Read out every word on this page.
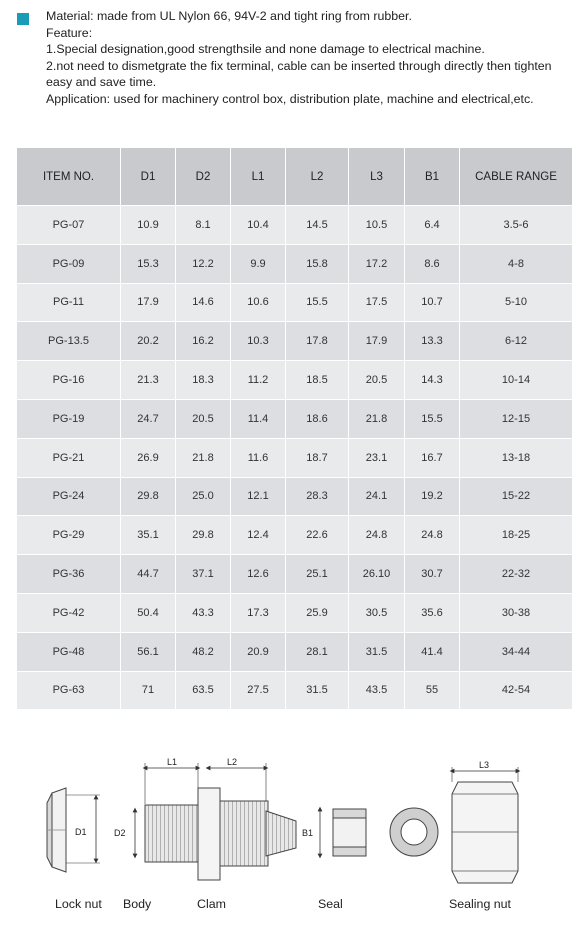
Material: made from UL Nylon 66, 94V-2 and tight ring from rubber.

Feature:

1.Special designation,good strengthsile and none damage to electrical machine.

2.not need to dismetgrate the fix terminal, cable can be inserted through directly then tighten easy and save time.

Application: used for machinery control box, distribution plate, machine and electrical,etc.

ITEM NO.	D1	D2	L1	L2	L3	B1	CABLE RANGE
PG-07	10.9	8.1	10.4	14.5	10.5	6.4	3.5-6
PG-09	15.3	12.2	9.9	15.8	17.2	8.6	4-8
PG-11	17.9	14.6	10.6	15.5	17.5	10.7	5-10
PG-13.5	20.2	16.2	10.3	17.8	17.9	13.3	6-12
PG-16	21.3	18.3	11.2	18.5	20.5	14.3	10-14
PG-19	24.7	20.5	11.4	18.6	21.8	15.5	12-15
PG-21	26.9	21.8	11.6	18.7	23.1	16.7	13-18
PG-24	29.8	25.0	12.1	28.3	24.1	19.2	15-22
PG-29	35.1	29.8	12.4	22.6	24.8	24.8	18-25
PG-36	44.7	37.1	12.6	25.1	26.10	30.7	22-32
PG-42	50.4	43.3	17.3	25.9	30.5	35.6	30-38
PG-48	56.1	48.2	20.9	28.1	31.5	41.4	34-44
PG-63	71	63.5	27.5	31.5	43.5	55	42-54
D1	D2
L1	L2
B1
L3
Lock nut Body	Clam	Seal	Sealing nut
